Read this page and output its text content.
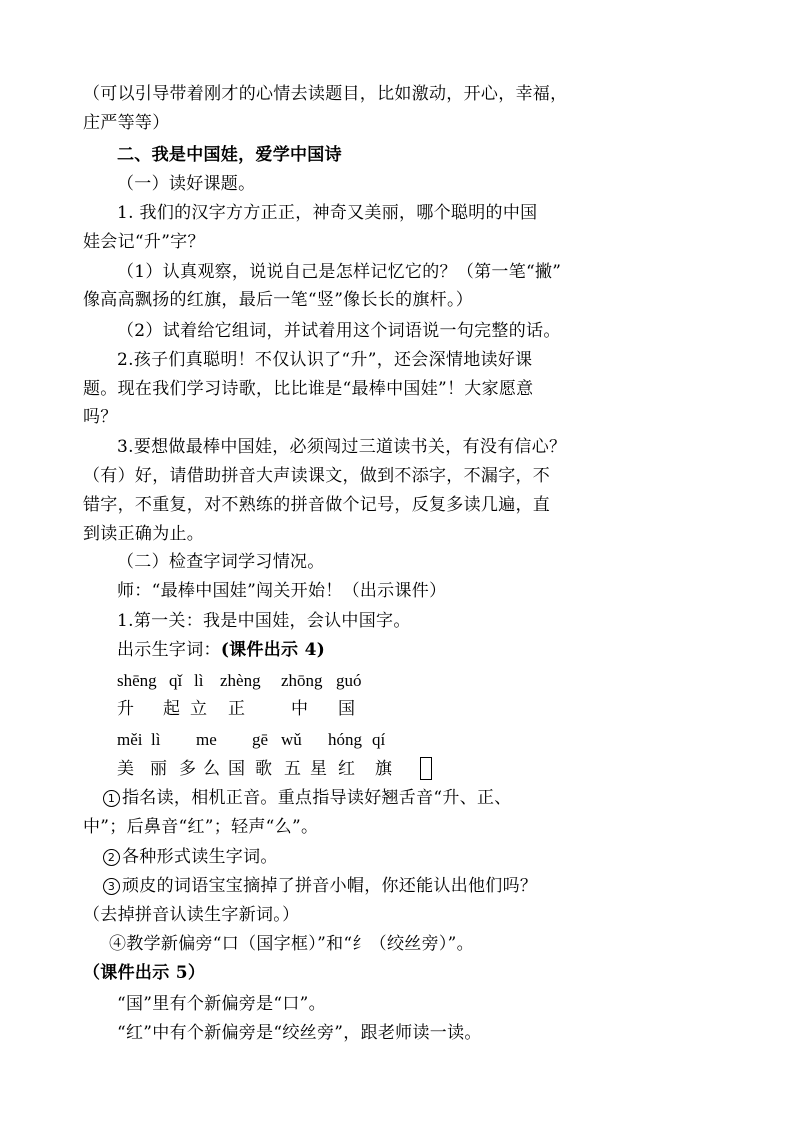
（可以引导带着刚才的心情去读题目，比如激动，开心，幸福，
庄严等等）
二、我是中国娃，爱学中国诗
（一）读好课题。
1. 我们的汉字方方正正，神奇又美丽，哪个聪明的中国
娃会记“升”字？
（1）认真观察，说说自己是怎样记忆它的？（第一笔“撇”
像高高飘扬的红旗，最后一笔“竖”像长长的旗杆。）
（2）试着给它组词，并试着用这个词语说一句完整的话。
2.孩子们真聪明！不仅认识了“升”，还会深情地读好课
题。现在我们学习诗歌，比比谁是“最棒中国娃”！大家愿意
吗？
3.要想做最棒中国娃，必须闯过三道读书关，有没有信心？
（有）好，请借助拼音大声读课文，做到不添字，不漏字，不
错字，不重复，对不熟练的拼音做个记号，反复多读几遍，直
到读正确为止。
（二）检查字词学习情况。
师：“最棒中国娃”闯关开始！（出示课件）
1.第一关：我是中国娃，会认中国字。
出示生字词：(课件出示 4)
shēng qǐ lì zhèng zhōng guó
升 起 立 正	中 国
měi lì me gē wǔ hóng qí
美 丽 多 么 国 歌 五 星 红 旗
1 指名读，相机正音。重点指导读好翘舌音“升、正、
中”；后鼻音“红”；轻声“么”。
2 各种形式读生字词。
3 顽皮的词语宝宝摘掉了拼音小帽，你还能认出他们吗？
（去掉拼音认读生字新词。）
④教学新偏旁“口（国字框）”和“纟（绞丝旁）”。
（课件出示 5）
“国”里有个新偏旁是“口”。
“红”中有个新偏旁是“绞丝旁”，跟老师读一读。
